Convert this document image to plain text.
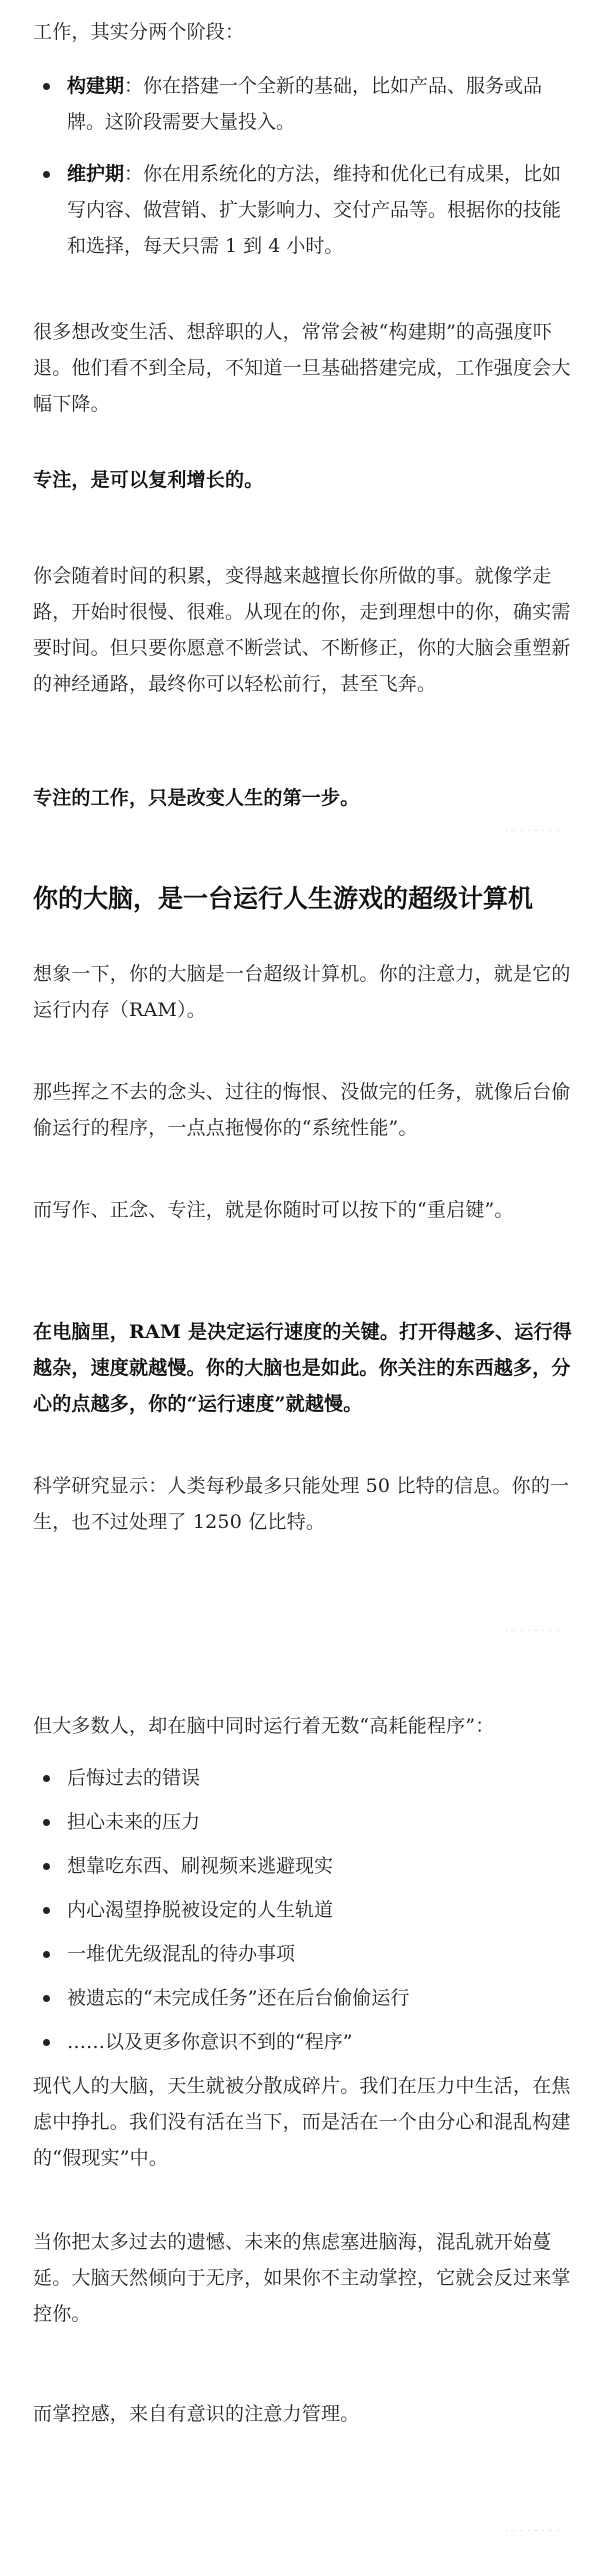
工作，其实分两个阶段：

构建期：你在搭建一个全新的基础，比如产品、服务或品牌。这阶段需要大量投入。
维护期：你在用系统化的方法，维持和优化已有成果，比如写内容、做营销、扩大影响力、交付产品等。根据你的技能和选择，每天只需 1 到 4 小时。

很多想改变生活、想辞职的人，常常会被“构建期”的高强度吓退。他们看不到全局，不知道一旦基础搭建完成，工作强度会大幅下降。

专注，是可以复利增长的。

你会随着时间的积累，变得越来越擅长你所做的事。就像学走路，开始时很慢、很难。从现在的你，走到理想中的你，确实需要时间。但只要你愿意不断尝试、不断修正，你的大脑会重塑新的神经通路，最终你可以轻松前行，甚至飞奔。

专注的工作，只是改变人生的第一步。

你的大脑，是一台运行人生游戏的超级计算机

想象一下，你的大脑是一台超级计算机。你的注意力，就是它的运行内存（RAM）。

那些挥之不去的念头、过往的悔恨、没做完的任务，就像后台偷偷运行的程序，一点点拖慢你的“系统性能”。

而写作、正念、专注，就是你随时可以按下的“重启键”。

在电脑里，RAM 是决定运行速度的关键。打开得越多、运行得越杂，速度就越慢。你的大脑也是如此。你关注的东西越多，分心的点越多，你的“运行速度”就越慢。

科学研究显示：人类每秒最多只能处理 50 比特的信息。你的一生，也不过处理了 1250 亿比特。

但大多数人，却在脑中同时运行着无数“高耗能程序”：

后悔过去的错误
担心未来的压力
想靠吃东西、刷视频来逃避现实
内心渴望挣脱被设定的人生轨道
一堆优先级混乱的待办事项
被遗忘的“未完成任务”还在后台偷偷运行
……以及更多你意识不到的“程序”

现代人的大脑，天生就被分散成碎片。我们在压力中生活，在焦虑中挣扎。我们没有活在当下，而是活在一个由分心和混乱构建的“假现实”中。

当你把太多过去的遗憾、未来的焦虑塞进脑海，混乱就开始蔓延。大脑天然倾向于无序，如果你不主动掌控，它就会反过来掌控你。

而掌控感，来自有意识的注意力管理。

· · · · · · · ·
· · · · · · · ·
· · · · · · · ·
